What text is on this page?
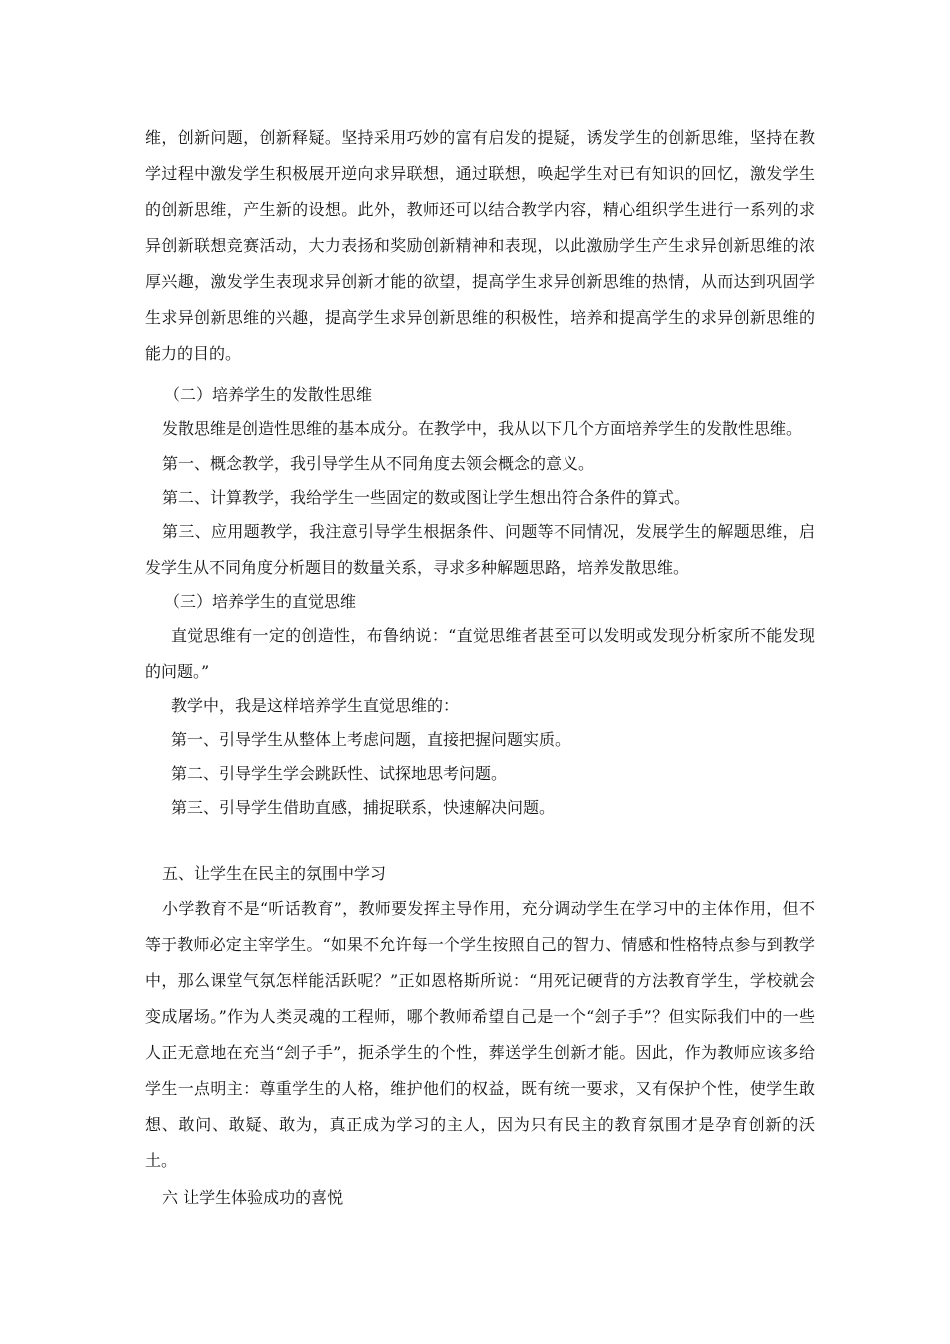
维，创新问题，创新释疑。坚持采用巧妙的富有启发的提疑，诱发学生的创新思维，坚持在教学过程中激发学生积极展开逆向求异联想，通过联想，唤起学生对已有知识的回忆，激发学生的创新思维，产生新的设想。此外，教师还可以结合教学内容，精心组织学生进行一系列的求异创新联想竞赛活动，大力表扬和奖励创新精神和表现，以此激励学生产生求异创新思维的浓厚兴趣，激发学生表现求异创新才能的欲望，提高学生求异创新思维的热情，从而达到巩固学生求异创新思维的兴趣，提高学生求异创新思维的积极性，培养和提高学生的求异创新思维的能力的目的。

（二）培养学生的发散性思维

发散思维是创造性思维的基本成分。在教学中，我从以下几个方面培养学生的发散性思维。

第一、概念教学，我引导学生从不同角度去领会概念的意义。

第二、计算教学，我给学生一些固定的数或图让学生想出符合条件的算式。

第三、应用题教学，我注意引导学生根据条件、问题等不同情况，发展学生的解题思维，启发学生从不同角度分析题目的数量关系，寻求多种解题思路，培养发散思维。

（三）培养学生的直觉思维

直觉思维有一定的创造性，布鲁纳说：“直觉思维者甚至可以发明或发现分析家所不能发现的问题。”

教学中，我是这样培养学生直觉思维的：

第一、引导学生从整体上考虑问题，直接把握问题实质。

第二、引导学生学会跳跃性、试探地思考问题。

第三、引导学生借助直感，捕捉联系，快速解决问题。

五、让学生在民主的氛围中学习

小学教育不是“听话教育”，教师要发挥主导作用，充分调动学生在学习中的主体作用，但不等于教师必定主宰学生。“如果不允许每一个学生按照自己的智力、情感和性格特点参与到教学中，那么课堂气氛怎样能活跃呢？”正如恩格斯所说：“用死记硬背的方法教育学生，学校就会变成屠场。”作为人类灵魂的工程师，哪个教师希望自己是一个“刽子手”？但实际我们中的一些人正无意地在充当“刽子手”，扼杀学生的个性，葬送学生创新才能。因此，作为教师应该多给学生一点明主：尊重学生的人格，维护他们的权益，既有统一要求，又有保护个性，使学生敢想、敢问、敢疑、敢为，真正成为学习的主人，因为只有民主的教育氛围才是孕育创新的沃土。

六 让学生体验成功的喜悦
